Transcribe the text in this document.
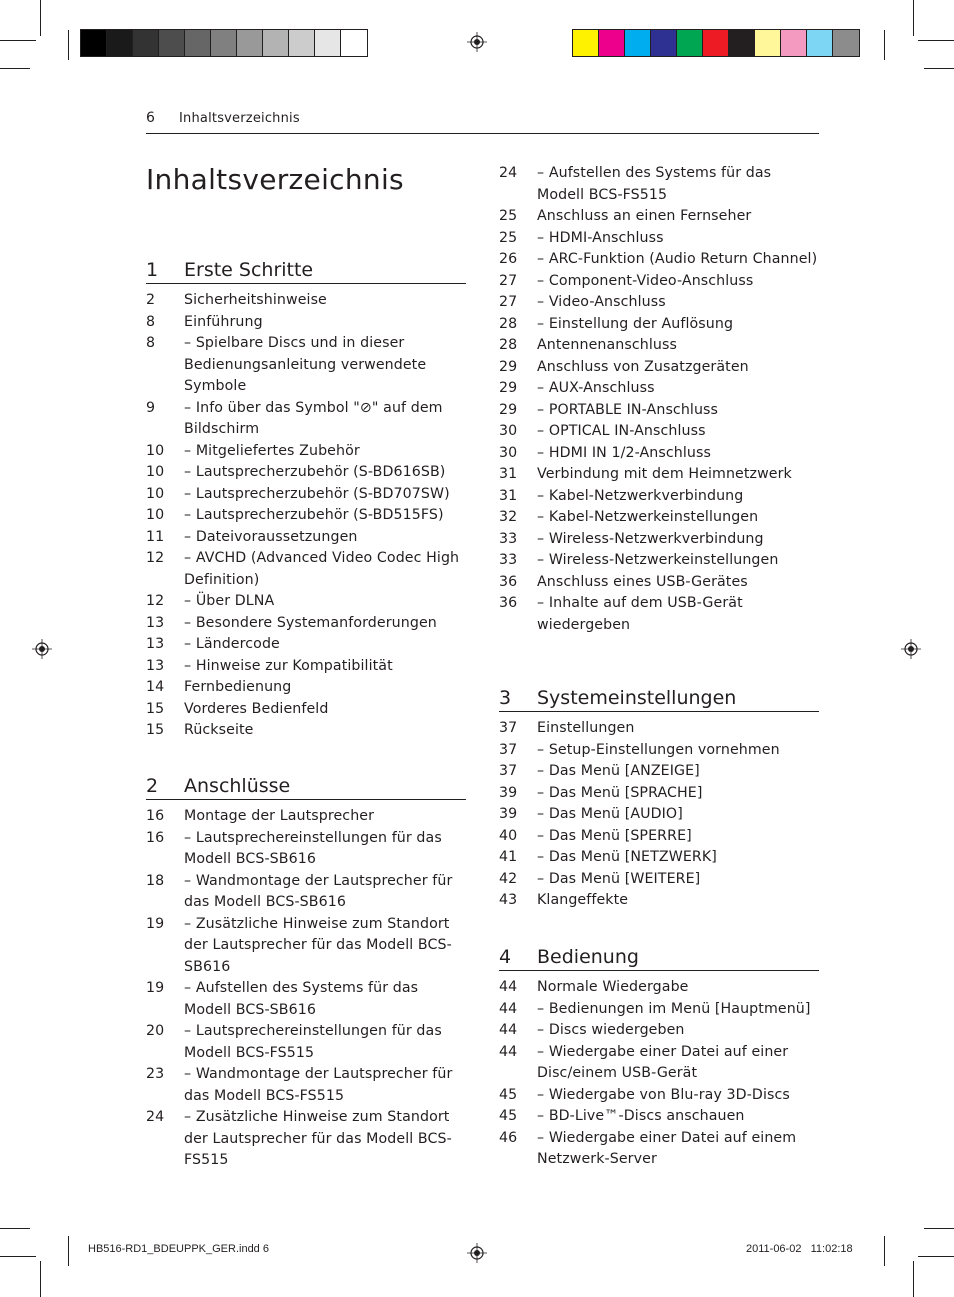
6 Inhaltsverzeichnis
Inhaltsverzeichnis
1 Erste Schritte
2	Sicherheitshinweise
8	Einführung
8	– Spielbare Discs und in dieser Bedienungsanleitung verwendete Symbole
9	– Info über das Symbol "⊘" auf dem Bildschirm
10	– Mitgeliefertes Zubehör
10	– Lautsprecherzubehör (S-BD616SB)
10	– Lautsprecherzubehör (S-BD707SW)
10	– Lautsprecherzubehör (S-BD515FS)
11	– Dateivoraussetzungen
12	– AVCHD (Advanced Video Codec High Definition)
12	– Über DLNA
13	– Besondere Systemanforderungen
13	– Ländercode
13	– Hinweise zur Kompatibilität
14	Fernbedienung
15	Vorderes Bedienfeld
15	Rückseite
2 Anschlüsse
16	Montage der Lautsprecher
16	– Lautsprechereinstellungen für das Modell BCS-SB616
18	– Wandmontage der Lautsprecher für das Modell BCS-SB616
19	– Zusätzliche Hinweise zum Standort der Lautsprecher für das Modell BCS-SB616
19	– Aufstellen des Systems für das Modell BCS-SB616
20	– Lautsprechereinstellungen für das Modell BCS-FS515
23	– Wandmontage der Lautsprecher für das Modell BCS-FS515
24	– Zusätzliche Hinweise zum Standort der Lautsprecher für das Modell BCS-FS515
24	– Aufstellen des Systems für das Modell BCS-FS515
25	Anschluss an einen Fernseher
25	– HDMI-Anschluss
26	– ARC-Funktion (Audio Return Channel)
27	– Component-Video-Anschluss
27	– Video-Anschluss
28	– Einstellung der Auflösung
28	Antennenanschluss
29	Anschluss von Zusatzgeräten
29	– AUX-Anschluss
29	– PORTABLE IN-Anschluss
30	– OPTICAL IN-Anschluss
30	– HDMI IN 1/2-Anschluss
31	Verbindung mit dem Heimnetzwerk
31	– Kabel-Netzwerkverbindung
32	– Kabel-Netzwerkeinstellungen
33	– Wireless-Netzwerkverbindung
33	– Wireless-Netzwerkeinstellungen
36	Anschluss eines USB-Gerätes
36	– Inhalte auf dem USB-Gerät wiedergeben
3 Systemeinstellungen
37	Einstellungen
37	– Setup-Einstellungen vornehmen
37	– Das Menü [ANZEIGE]
39	– Das Menü [SPRACHE]
39	– Das Menü [AUDIO]
40	– Das Menü [SPERRE]
41	– Das Menü [NETZWERK]
42	– Das Menü [WEITERE]
43	Klangeffekte
4 Bedienung
44	Normale Wiedergabe
44	– Bedienungen im Menü [Hauptmenü]
44	– Discs wiedergeben
44	– Wiedergabe einer Datei auf einer Disc/einem USB-Gerät
45	– Wiedergabe von Blu-ray 3D-Discs
45	– BD-Live™-Discs anschauen
46	– Wiedergabe einer Datei auf einem Netzwerk-Server
HB516-RD1_BDEUPPK_GER.indd 6	2011-06-02   11:02:18
